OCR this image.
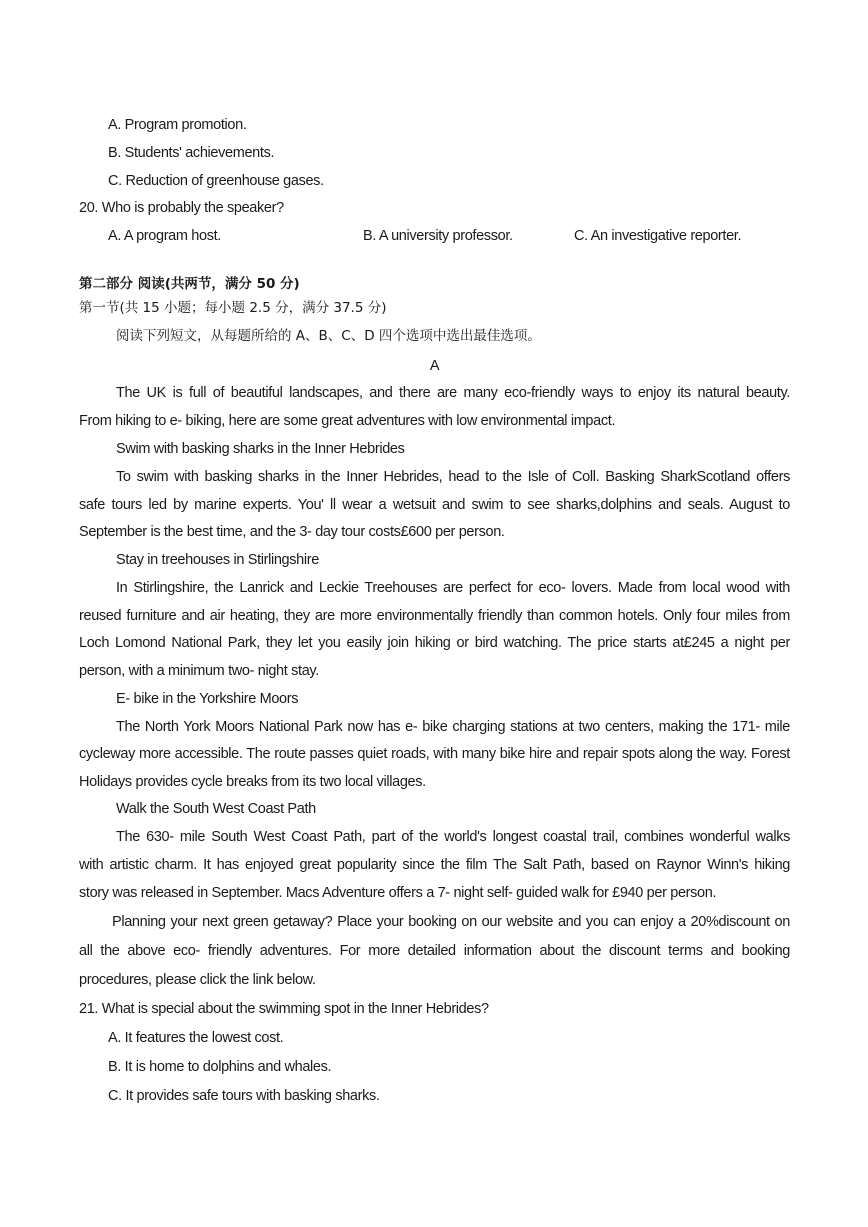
A. Program promotion.
B. Students' achievements.
C. Reduction of greenhouse gases.
20. Who is probably the speaker?
A. A program host.	B. A university professor.	C. An investigative reporter.
第二部分 阅读(共两节，满分 50 分)
第一节(共 15 小题；每小题 2.5 分，满分 37.5 分)
阅读下列短文，从每题所给的 A、B、C、D 四个选项中选出最佳选项。
A
The UK is full of beautiful landscapes, and there are many eco-friendly ways to enjoy its natural beauty.
From hiking to e- biking, here are some great adventures with low environmental impact.
Swim with basking sharks in the Inner Hebrides
To swim with basking sharks in the Inner Hebrides, head to the Isle of Coll. Basking SharkScotland offers
safe tours led by marine experts. You' ll wear a wetsuit and swim to see sharks,dolphins and seals. August to
September is the best time, and the 3- day tour costs£600 per person.
Stay in treehouses in Stirlingshire
In Stirlingshire, the Lanrick and Leckie Treehouses are perfect for eco- lovers. Made from local wood with
reused furniture and air heating, they are more environmentally friendly than common hotels. Only four miles from
Loch Lomond National Park, they let you easily join hiking or bird watching. The price starts at£245 a night per
person, with a minimum two- night stay.
E- bike in the Yorkshire Moors
The North York Moors National Park now has e- bike charging stations at two centers, making the 171- mile
cycleway more accessible. The route passes quiet roads, with many bike hire and repair spots along the way. Forest
Holidays provides cycle breaks from its two local villages.
Walk the South West Coast Path
The 630- mile South West Coast Path, part of the world's longest coastal trail, combines wonderful walks
with artistic charm. It has enjoyed great popularity since the film The Salt Path, based on Raynor Winn's hiking
story was released in September. Macs Adventure offers a 7- night self- guided walk for £940 per person.
Planning your next green getaway? Place your booking on our website and you can enjoy a 20%discount on
all the above eco- friendly adventures. For more detailed information about the discount terms and booking
procedures, please click the link below.
21. What is special about the swimming spot in the Inner Hebrides?
A. It features the lowest cost.
B. It is home to dolphins and whales.
C. It provides safe tours with basking sharks.
